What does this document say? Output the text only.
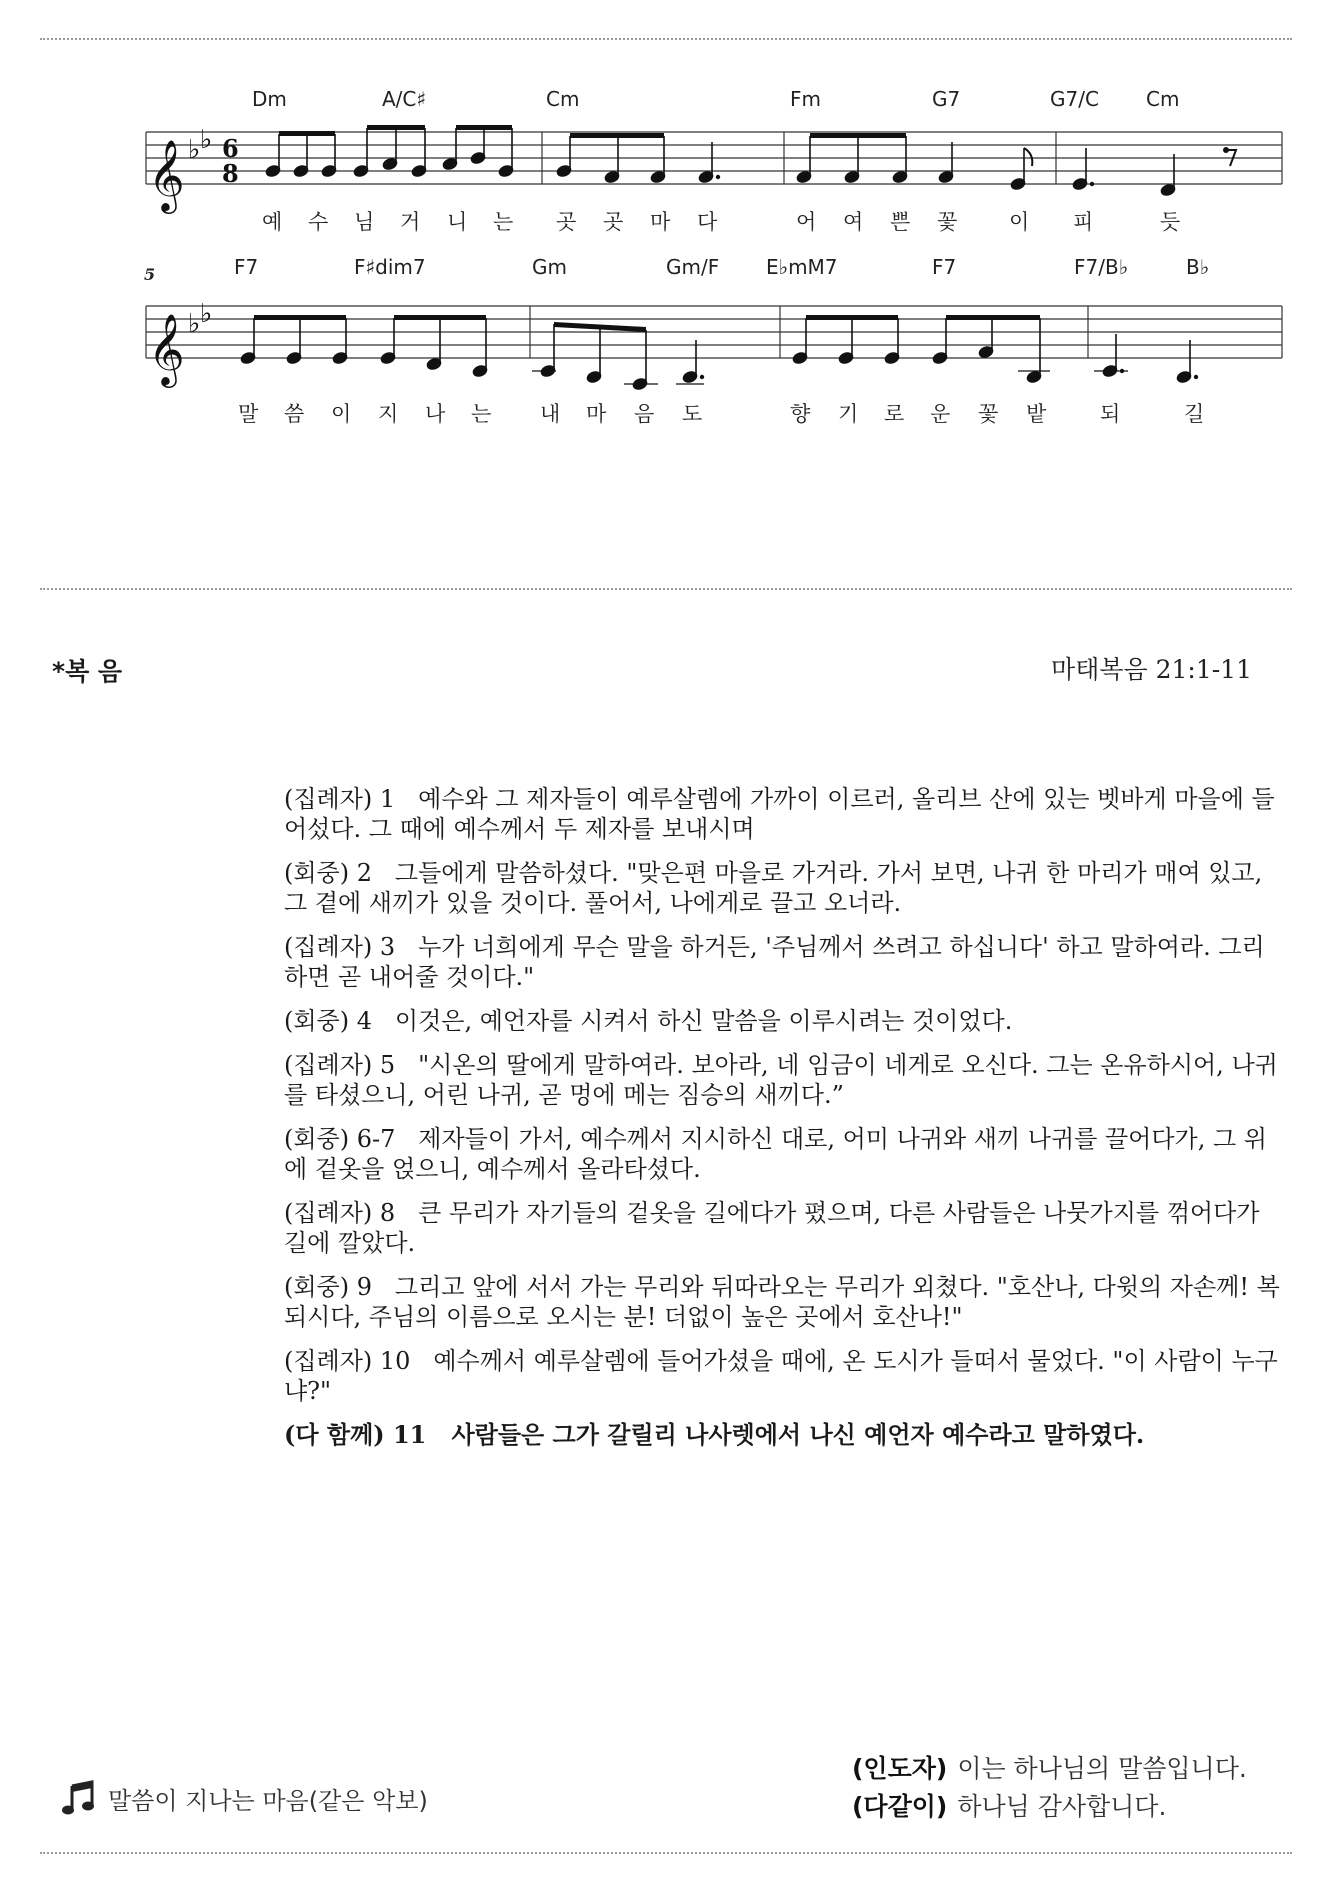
𝄞 ♭ ♭ 6
8
Dm	A/C♯	Cm	Fm	G7	G7/C Cm
예 수 님 거 니 는 곳 곳 마 다	어 여 쁜 꽃 이 피	듯
5
𝄞 ♭ ♭
F7	F♯dim7	Gm	Gm/F E♭mM7	F7	F7/B♭	B♭
말 씀 이 지 나 는 내 마 음 도	향 기 로 운 꽃 밭	되	길
*복 음	마태복음 21:1-11

(집례자) 1 예수와 그 제자들이 예루살렘에 가까이 이르러, 올리브 산에 있는 벳바게 마을에 들어섰다. 그 때에 예수께서 두 제자를 보내시며

(회중) 2 그들에게 말씀하셨다. "맞은편 마을로 가거라. 가서 보면, 나귀 한 마리가 매여 있고, 그 곁에 새끼가 있을 것이다. 풀어서, 나에게로 끌고 오너라.

(집례자) 3 누가 너희에게 무슨 말을 하거든, '주님께서 쓰려고 하십니다' 하고 말하여라. 그리하면 곧 내어줄 것이다."

(회중) 4 이것은, 예언자를 시켜서 하신 말씀을 이루시려는 것이었다.

(집례자) 5 "시온의 딸에게 말하여라. 보아라, 네 임금이 네게로 오신다. 그는 온유하시어, 나귀를 타셨으니, 어린 나귀, 곧 멍에 메는 짐승의 새끼다.”

(회중) 6-7 제자들이 가서, 예수께서 지시하신 대로, 어미 나귀와 새끼 나귀를 끌어다가, 그 위에 겉옷을 얹으니, 예수께서 올라타셨다.

(집례자) 8 큰 무리가 자기들의 겉옷을 길에다가 폈으며, 다른 사람들은 나뭇가지를 꺾어다가 길에 깔았다.

(회중) 9 그리고 앞에 서서 가는 무리와 뒤따라오는 무리가 외쳤다. "호산나, 다윗의 자손께! 복되시다, 주님의 이름으로 오시는 분! 더없이 높은 곳에서 호산나!"

(집례자) 10 예수께서 예루살렘에 들어가셨을 때에, 온 도시가 들떠서 물었다. "이 사람이 누구냐?"

(다 함께) 11 사람들은 그가 갈릴리 나사렛에서 나신 예언자 예수라고 말하였다.

말씀이 지나는 마음(같은 악보)
(인도자) 이는 하나님의 말씀입니다.
(다같이) 하나님 감사합니다.
